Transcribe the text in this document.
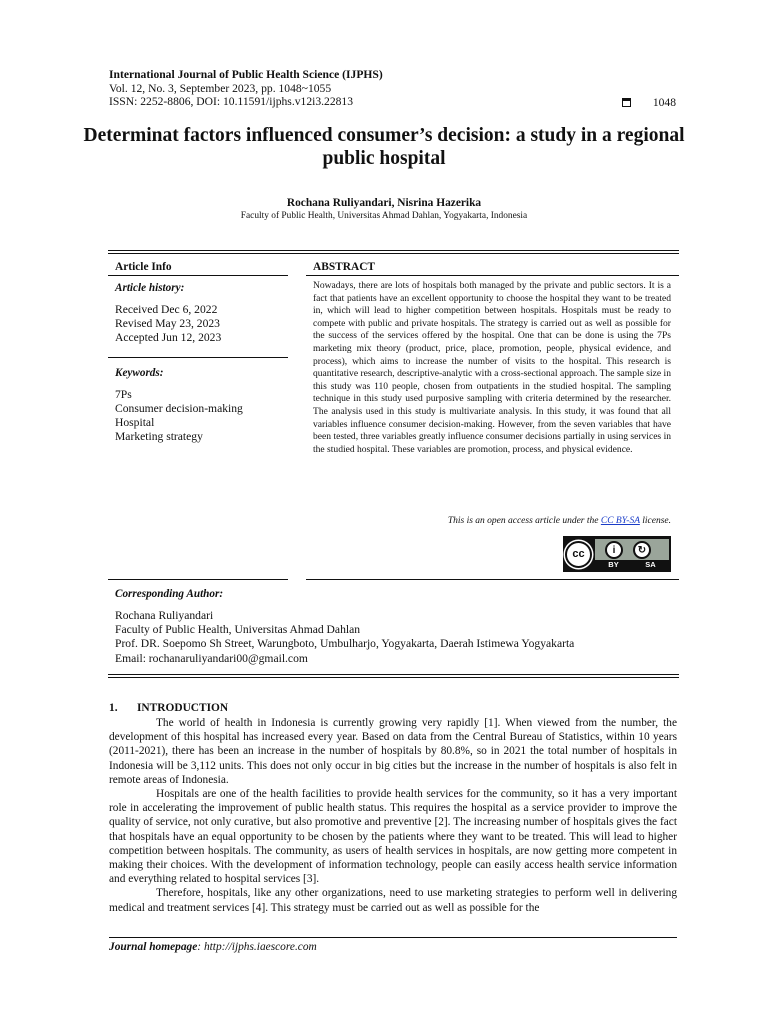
International Journal of Public Health Science (IJPHS)
Vol. 12, No. 3, September 2023, pp. 1048~1055
ISSN: 2252-8806, DOI: 10.11591/ijphs.v12i3.22813	1048
Determinat factors influenced consumer’s decision: a study in a regional public hospital
Rochana Ruliyandari, Nisrina Hazerika
Faculty of Public Health, Universitas Ahmad Dahlan, Yogyakarta, Indonesia
Article Info
Article history:
Received Dec 6, 2022
Revised May 23, 2023
Accepted Jun 12, 2023
Keywords:
7Ps
Consumer decision-making
Hospital
Marketing strategy
ABSTRACT
Nowadays, there are lots of hospitals both managed by the private and public sectors. It is a fact that patients have an excellent opportunity to choose the hospital they want to be treated in, which will lead to higher competition between hospitals. Hospitals must be ready to compete with public and private hospitals. The strategy is carried out as well as possible for the success of the services offered by the hospital. One that can be done is using the 7Ps marketing mix theory (product, price, place, promotion, people, physical evidence, and process), which aims to increase the number of visits to the hospital. This research is quantitative research, descriptive-analytic with a cross-sectional approach. The sample size in this study was 110 people, chosen from outpatients in the studied hospital. The sampling technique in this study used purposive sampling with criteria determined by the researcher. The analysis used in this study is multivariate analysis. In this study, it was found that all variables influence consumer decision-making. However, from the seven variables that have been tested, three variables greatly influence consumer decisions partially in using services in the studied hospital. These variables are promotion, process, and physical evidence.
This is an open access article under the CC BY-SA license.
cc	i	↻
BY	SA
Corresponding Author:
Rochana Ruliyandari
Faculty of Public Health, Universitas Ahmad Dahlan
Prof. DR. Soepomo Sh Street, Warungboto, Umbulharjo, Yogyakarta, Daerah Istimewa Yogyakarta
Email: rochanaruliyandari00@gmail.com
1. INTRODUCTION

The world of health in Indonesia is currently growing very rapidly [1]. When viewed from the number, the development of this hospital has increased every year. Based on data from the Central Bureau of Statistics, within 10 years (2011-2021), there has been an increase in the number of hospitals by 80.8%, so in 2021 the total number of hospitals in Indonesia will be 3,112 units. This does not only occur in big cities but the increase in the number of hospitals is also felt in remote areas of Indonesia.

Hospitals are one of the health facilities to provide health services for the community, so it has a very important role in accelerating the improvement of public health status. This requires the hospital as a service provider to improve the quality of service, not only curative, but also promotive and preventive [2]. The increasing number of hospitals gives the fact that hospitals have an equal opportunity to be chosen by the patients where they want to be treated. This will lead to higher competition between hospitals. The community, as users of health services in hospitals, are now getting more competent in making their choices. With the development of information technology, people can easily access health service information and everything related to hospital services [3].

Therefore, hospitals, like any other organizations, need to use marketing strategies to perform well in delivering medical and treatment services [4]. This strategy must be carried out as well as possible for the

Journal homepage: http://ijphs.iaescore.com
